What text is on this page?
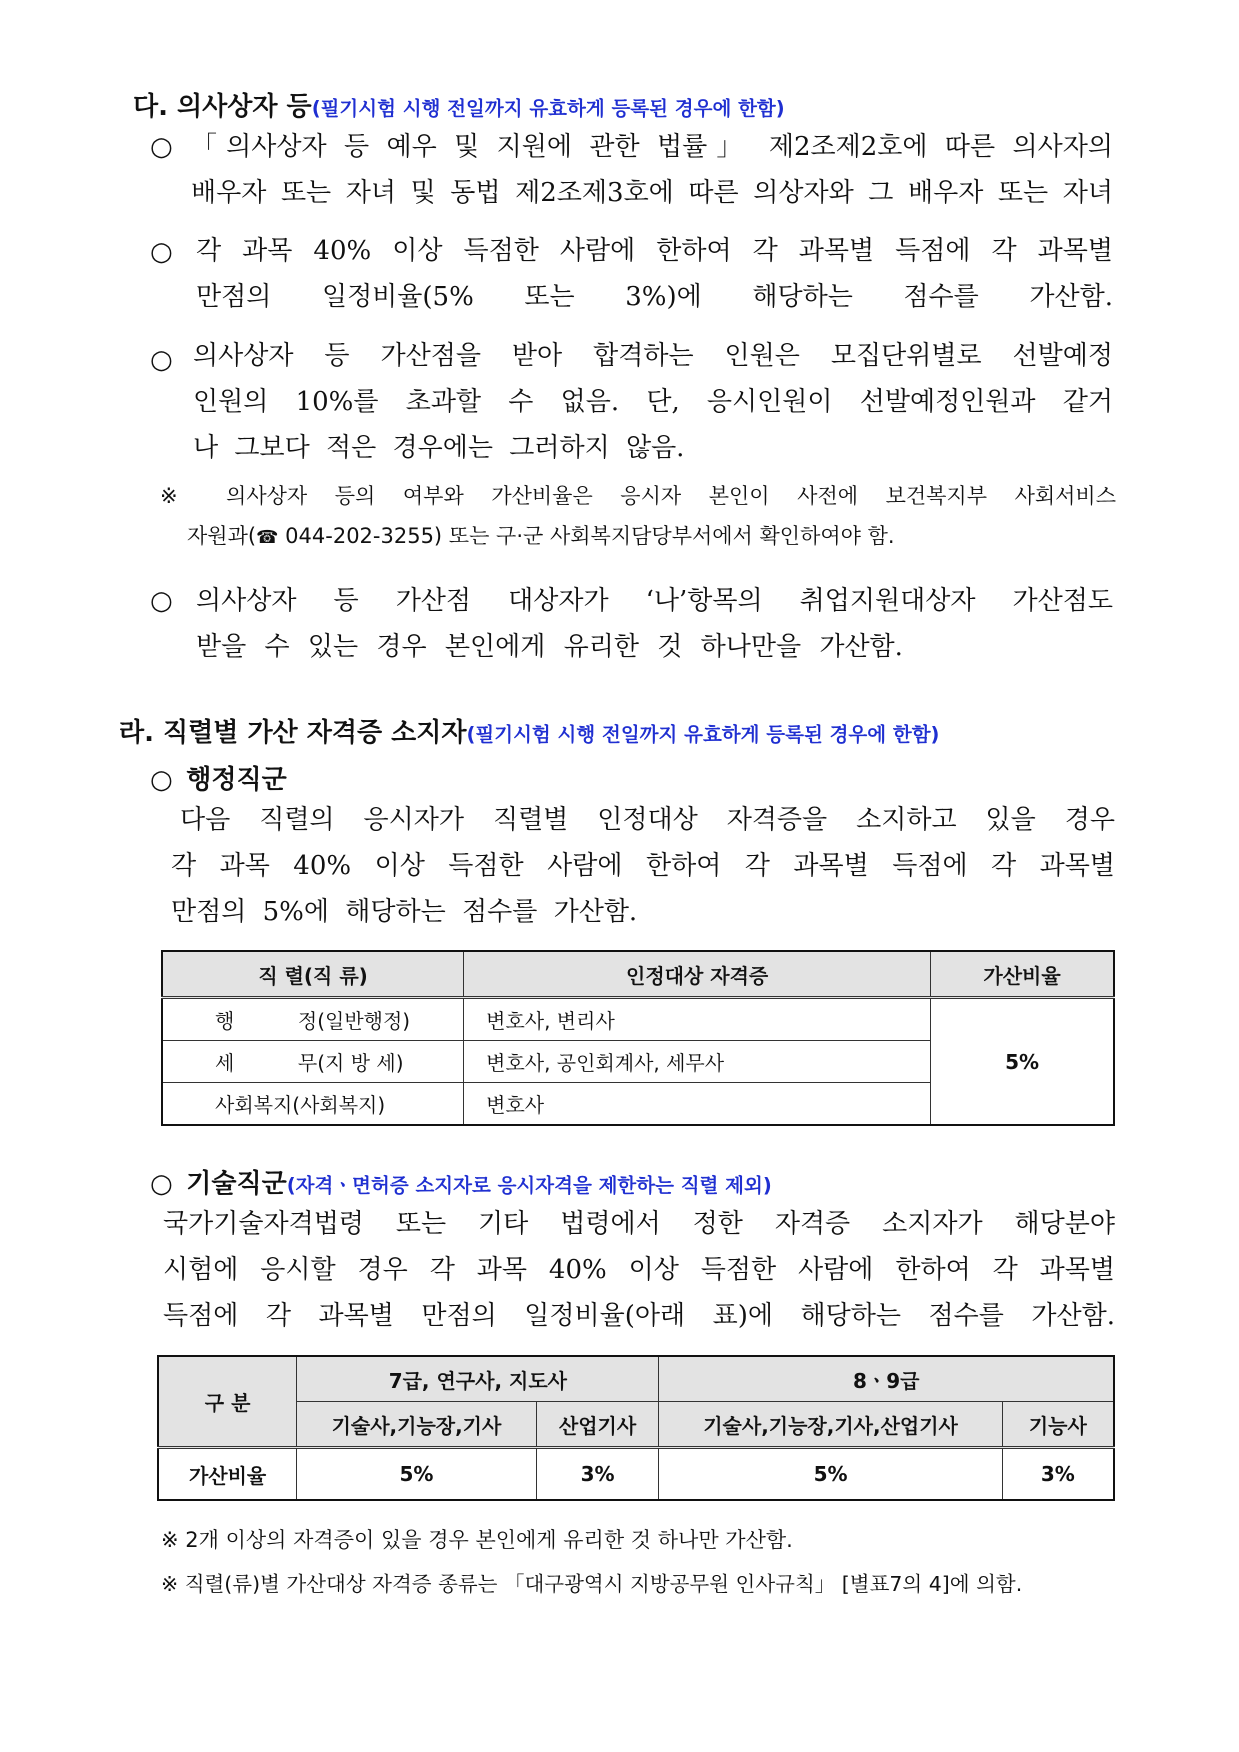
다. 의사상자 등(필기시험 시행 전일까지 유효하게 등록된 경우에 한함)
○ 「의사상자 등 예우 및 지원에 관한 법률」 제2조제2호에 따른 의사자의
배우자 또는 자녀 및 동법 제2조제3호에 따른 의상자와 그 배우자 또는 자녀
○ 각 과목 40% 이상 득점한 사람에 한하여 각 과목별 득점에 각 과목별
만점의 일정비율(5% 또는 3%)에 해당하는 점수를 가산함.
○ 의사상자 등 가산점을 받아 합격하는 인원은 모집단위별로 선발예정
인원의 10%를 초과할 수 없음. 단, 응시인원이 선발예정인원과 같거
나 그보다 적은 경우에는 그러하지 않음.
※ 의사상자 등의 여부와 가산비율은 응시자 본인이 사전에 보건복지부 사회서비스
자원과(☎ 044-202-3255) 또는 구·군 사회복지담당부서에서 확인하여야 함.
○ 의사상자 등 가산점 대상자가 ‘나’항목의 취업지원대상자 가산점도
받을 수 있는 경우 본인에게 유리한 것 하나만을 가산함.
라. 직렬별 가산 자격증 소지자(필기시험 시행 전일까지 유효하게 등록된 경우에 한함)
○ 행정직군
다음 직렬의 응시자가 직렬별 인정대상 자격증을 소지하고 있을 경우
각 과목 40% 이상 득점한 사람에 한하여 각 과목별 득점에 각 과목별
만점의 5%에 해당하는 점수를 가산함.
직 렬(직 류)	인정대상 자격증	가산비율
행          정(일반행정)	변호사, 변리사	5%
세          무(지 방 세)	변호사, 공인회계사, 세무사	
사회복지(사회복지)	변호사	
○ 기술직군(자격ㆍ면허증 소지자로 응시자격을 제한하는 직렬 제외)
국가기술자격법령 또는 기타 법령에서 정한 자격증 소지자가 해당분야
시험에 응시할 경우 각 과목 40% 이상 득점한 사람에 한하여 각 과목별
득점에 각 과목별 만점의 일정비율(아래 표)에 해당하는 점수를 가산함.
구 분	7급, 연구사, 지도사		8ㆍ9급	
	기술사,기능장,기사	산업기사	기술사,기능장,기사,산업기사	기능사
가산비율	5%	3%	5%	3%
※ 2개 이상의 자격증이 있을 경우 본인에게 유리한 것 하나만 가산함.
※ 직렬(류)별 가산대상 자격증 종류는 「대구광역시 지방공무원 인사규칙」 [별표7의 4]에 의함.
